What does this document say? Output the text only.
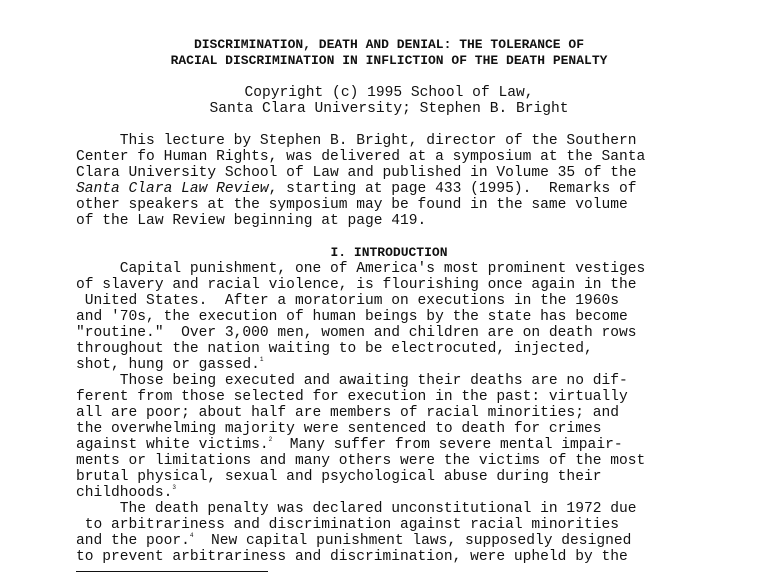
DISCRIMINATION, DEATH AND DENIAL: THE TOLERANCE OF
RACIAL DISCRIMINATION IN INFLICTION OF THE DEATH PENALTY
Copyright (c) 1995 School of Law,
Santa Clara University; Stephen B. Bright
This lecture by Stephen B. Bright, director of the Southern
Center fo Human Rights, was delivered at a symposium at the Santa
Clara University School of Law and published in Volume 35 of the
Santa Clara Law Review, starting at page 433 (1995).  Remarks of
other speakers at the symposium may be found in the same volume
of the Law Review beginning at page 419.
I. INTRODUCTION
Capital punishment, one of America's most prominent vestiges
of slavery and racial violence, is flourishing once again in the
United States.  After a moratorium on executions in the 1960s
and '70s, the execution of human beings by the state has become
"routine."  Over 3,000 men, women and children are on death rows
throughout the nation waiting to be electrocuted, injected,
shot, hung or gassed.$^1$
Those being executed and awaiting their deaths are no dif-
ferent from those selected for execution in the past: virtually
all are poor; about half are members of racial minorities; and
the overwhelming majority were sentenced to death for crimes
against white victims.$^2$  Many suffer from severe mental impair-
ments or limitations and many others were the victims of the most
brutal physical, sexual and psychological abuse during their
childhoods.$^3$
The death penalty was declared unconstitutional in 1972 due
to arbitrariness and discrimination against racial minorities
and the poor.$^4$  New capital punishment laws, supposedly designed
to prevent arbitrariness and discrimination, were upheld by the
